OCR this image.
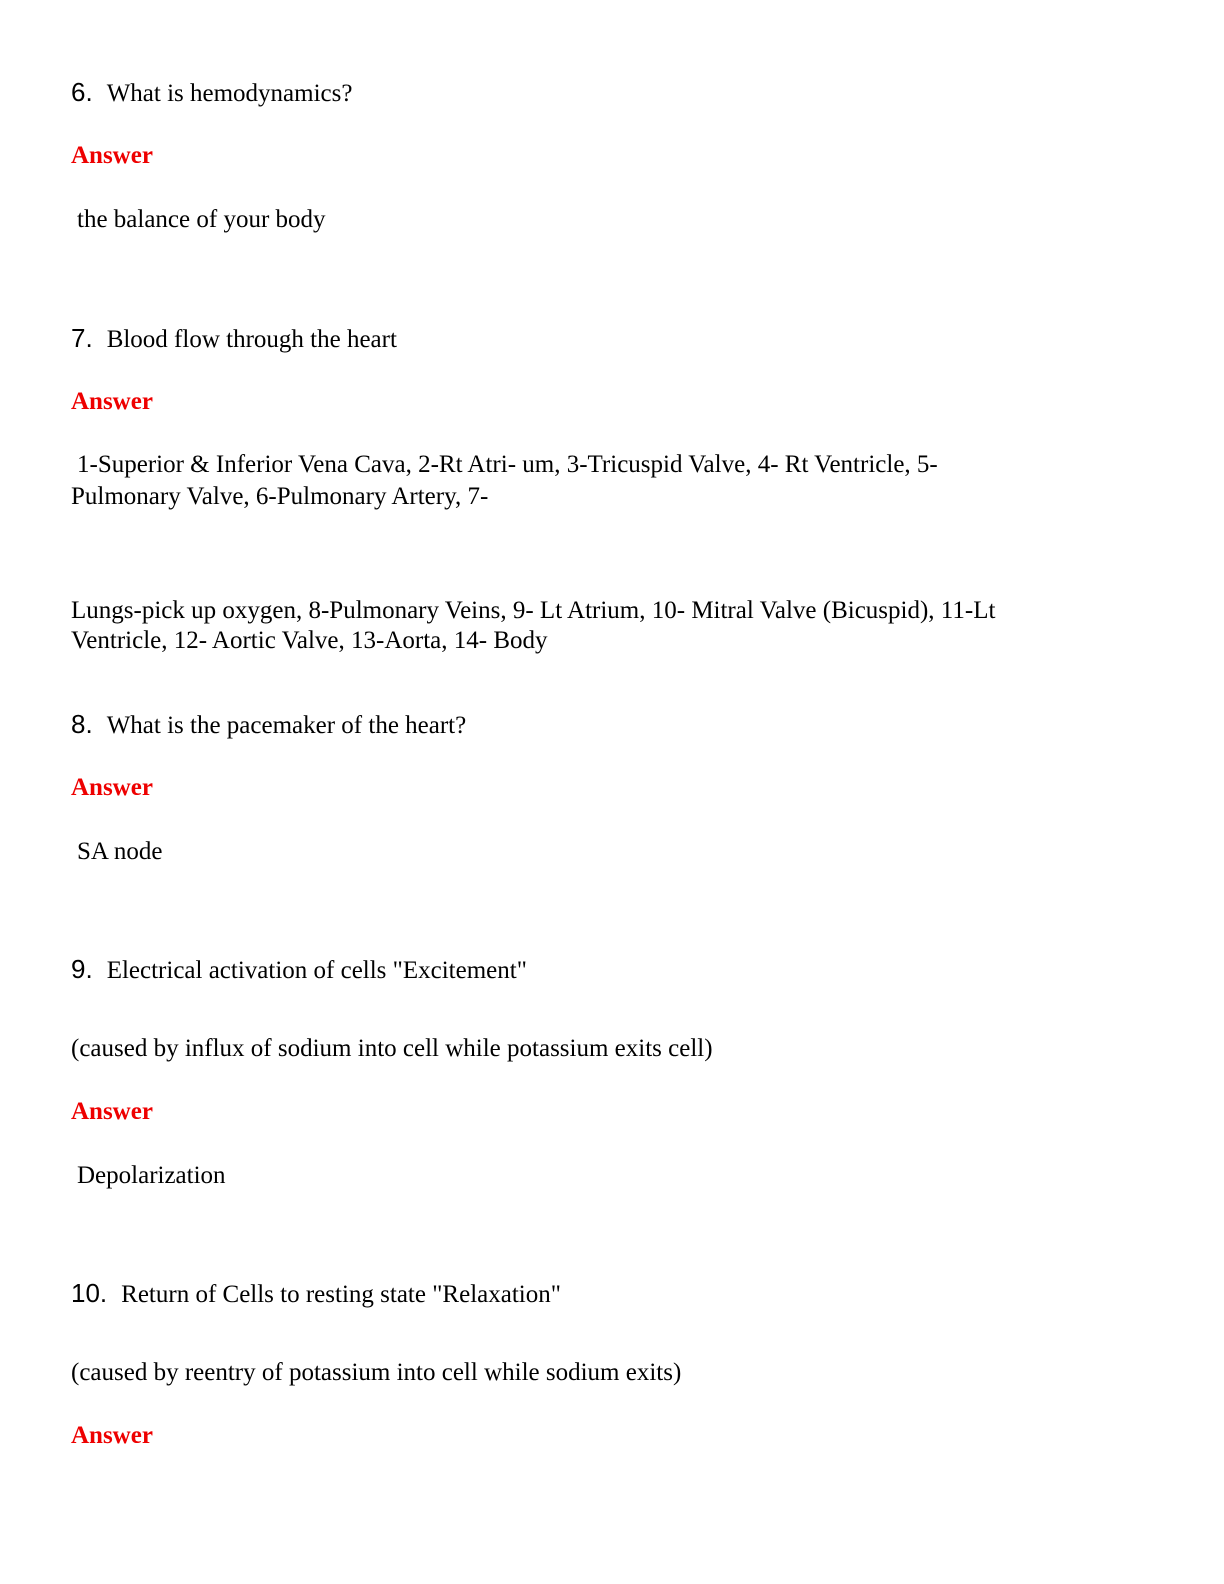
6. What is hemodynamics?
Answer
the balance of your body
7. Blood flow through the heart
Answer
1-Superior & Inferior Vena Cava, 2-Rt Atri- um, 3-Tricuspid Valve, 4- Rt Ventricle, 5-
Pulmonary Valve, 6-Pulmonary Artery, 7-
Lungs-pick up oxygen, 8-Pulmonary Veins, 9- Lt Atrium, 10- Mitral Valve (Bicuspid), 11-Lt
Ventricle, 12- Aortic Valve, 13-Aorta, 14- Body
8. What is the pacemaker of the heart?
Answer
SA node
9. Electrical activation of cells "Excitement"
(caused by influx of sodium into cell while potassium exits cell)
Answer
Depolarization
10. Return of Cells to resting state "Relaxation"
(caused by reentry of potassium into cell while sodium exits)
Answer
